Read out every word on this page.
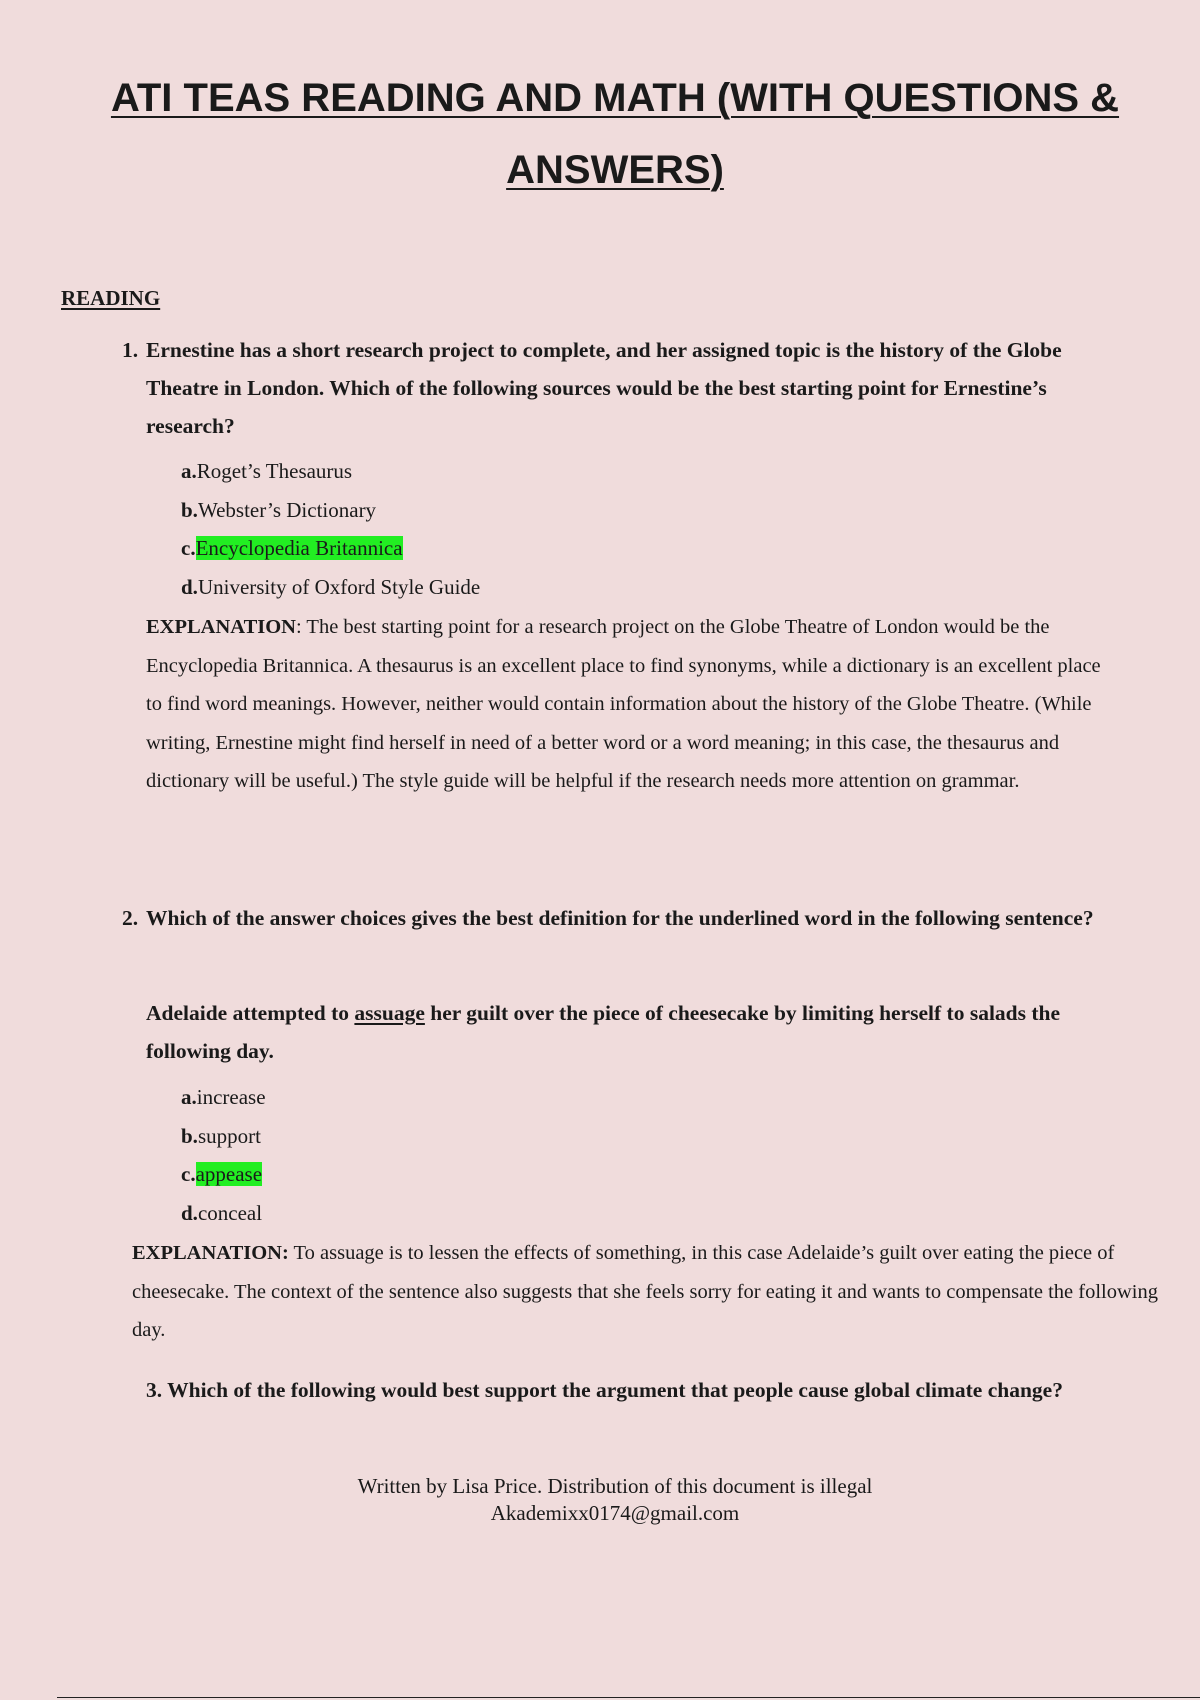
ATI TEAS READING AND MATH (WITH QUESTIONS &
ANSWERS)
READING
1. Ernestine has a short research project to complete, and her assigned topic is the history of the Globe Theatre in London. Which of the following sources would be the best starting point for Ernestine’s research?
a.Roget’s Thesaurus
b.Webster’s Dictionary
c.Encyclopedia Britannica
d.University of Oxford Style Guide
EXPLANATION: The best starting point for a research project on the Globe Theatre of London would be the Encyclopedia Britannica. A thesaurus is an excellent place to find synonyms, while a dictionary is an excellent place to find word meanings. However, neither would contain information about the history of the Globe Theatre. (While writing, Ernestine might find herself in need of a better word or a word meaning; in this case, the thesaurus and dictionary will be useful.) The style guide will be helpful if the research needs more attention on grammar.
2. Which of the answer choices gives the best definition for the underlined word in the following sentence?
Adelaide attempted to assuage her guilt over the piece of cheesecake by limiting herself to salads the following day.
a.increase
b.support
c.appease
d.conceal
EXPLANATION: To assuage is to lessen the effects of something, in this case Adelaide’s guilt over eating the piece of cheesecake. The context of the sentence also suggests that she feels sorry for eating it and wants to compensate the following day.
3. Which of the following would best support the argument that people cause global climate change?
Written by Lisa Price. Distribution of this document is illegal
Akademixx0174@gmail.com
